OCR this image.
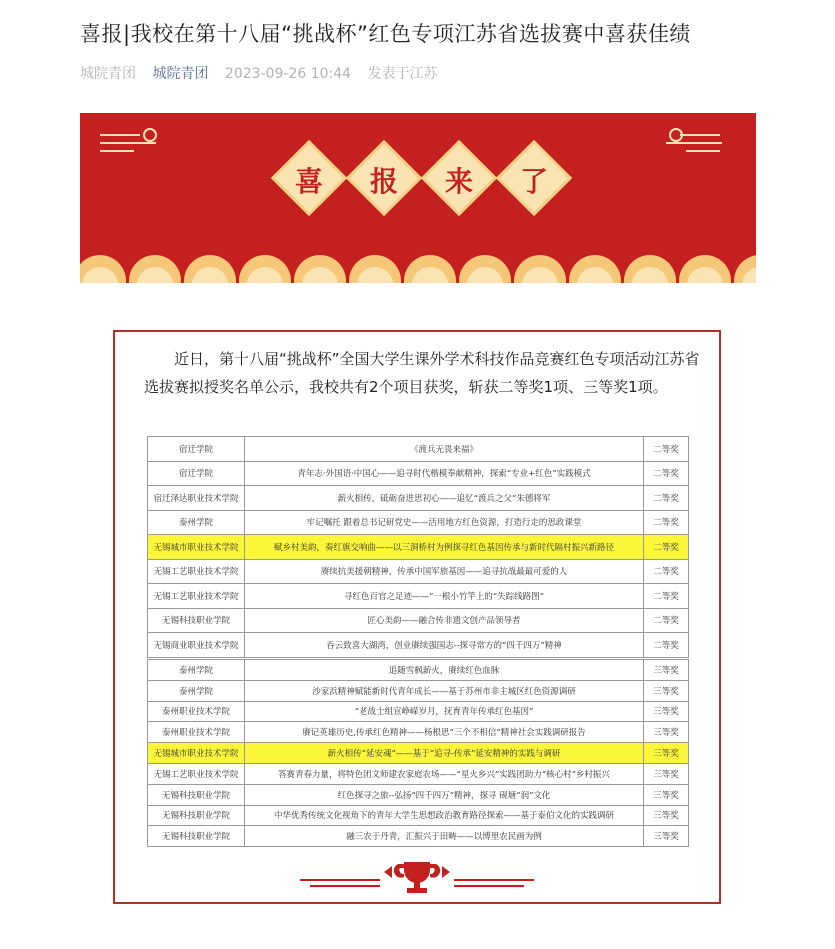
喜报|我校在第十八届“挑战杯”红色专项江苏省选拔赛中喜获佳绩
城院青团 城院青团 2023-09-26 10:44 发表于江苏
喜	报	来	了
近日，第十八届“挑战杯”全国大学生课外学术科技作品竞赛红色专项活动江苏省选拔赛拟授奖名单公示，我校共有2个项目获奖，斩获二等奖1项、三等奖1项。
宿迁学院	《渡兵无畏来福》	二等奖
宿迁学院	青年志·外国语·中国心——追寻时代楷模奉献精神，探索“专业+红色”实践模式	二等奖
宿迁泽达职业技术学院	薪火相传，砥砺奋进思初心——追忆“渡兵之父”朱德将军	二等奖
泰州学院	牢记嘱托 跟着总书记研党史——活用地方红色资源，打造行走的思政课堂	二等奖
无锡城市职业技术学院	赋乡村美韵，奏红旗交响曲——以三洞桥村为例探寻红色基因传承与新时代隔村振兴新路径	二等奖
无锡工艺职业技术学院	赓续抗美援朝精神，传承中国军旅基因——追寻抗战最最可爱的人	二等奖
无锡工艺职业技术学院	寻红色百官之足迹——“一根小竹竿上的“失踪线路图”	二等奖
无锡科技职业学院	匠心美韵——融合传非遗文创产品领导者	二等奖
无锡商业职业技术学院	吞云致喜大湖湾，创业赓续强国志--探寻常方的“四千四万”精神	二等奖
泰州学院	追随雪枫薪火，赓续红色血脉	三等奖
泰州学院	沙家浜精神赋能新时代青年成长——基于苏州市非主城区红色资源调研	三等奖
泰州职业技术学院	“老战士组宣峥嵘岁月，抚育青年传承红色基因”	三等奖
泰州职业技术学院	赓记英雄历史,传承红色精神——杨根思“三个不相信”精神社会实践调研报告	三等奖
无锡城市职业技术学院	薪火相传“延安魂”——基于“追寻-传承”延安精神的实践与调研	三等奖
无锡工艺职业技术学院	答赛青春力量，将特色团文师建农家庭农场——“星火乡兴”实践团助力“核心村”乡村振兴	三等奖
无锡科技职业学院	红色探寻之旅--弘扬“四千四万”精神，探寻 砚塘“润”文化	三等奖
无锡科技职业学院	中华优秀传统文化视角下的青年大学生思想政治教育路径探索——基于泰伯文化的实践调研	三等奖
无锡科技职业学院	融三农于丹青，汇振兴于田畴——以博里农民画为例	三等奖
